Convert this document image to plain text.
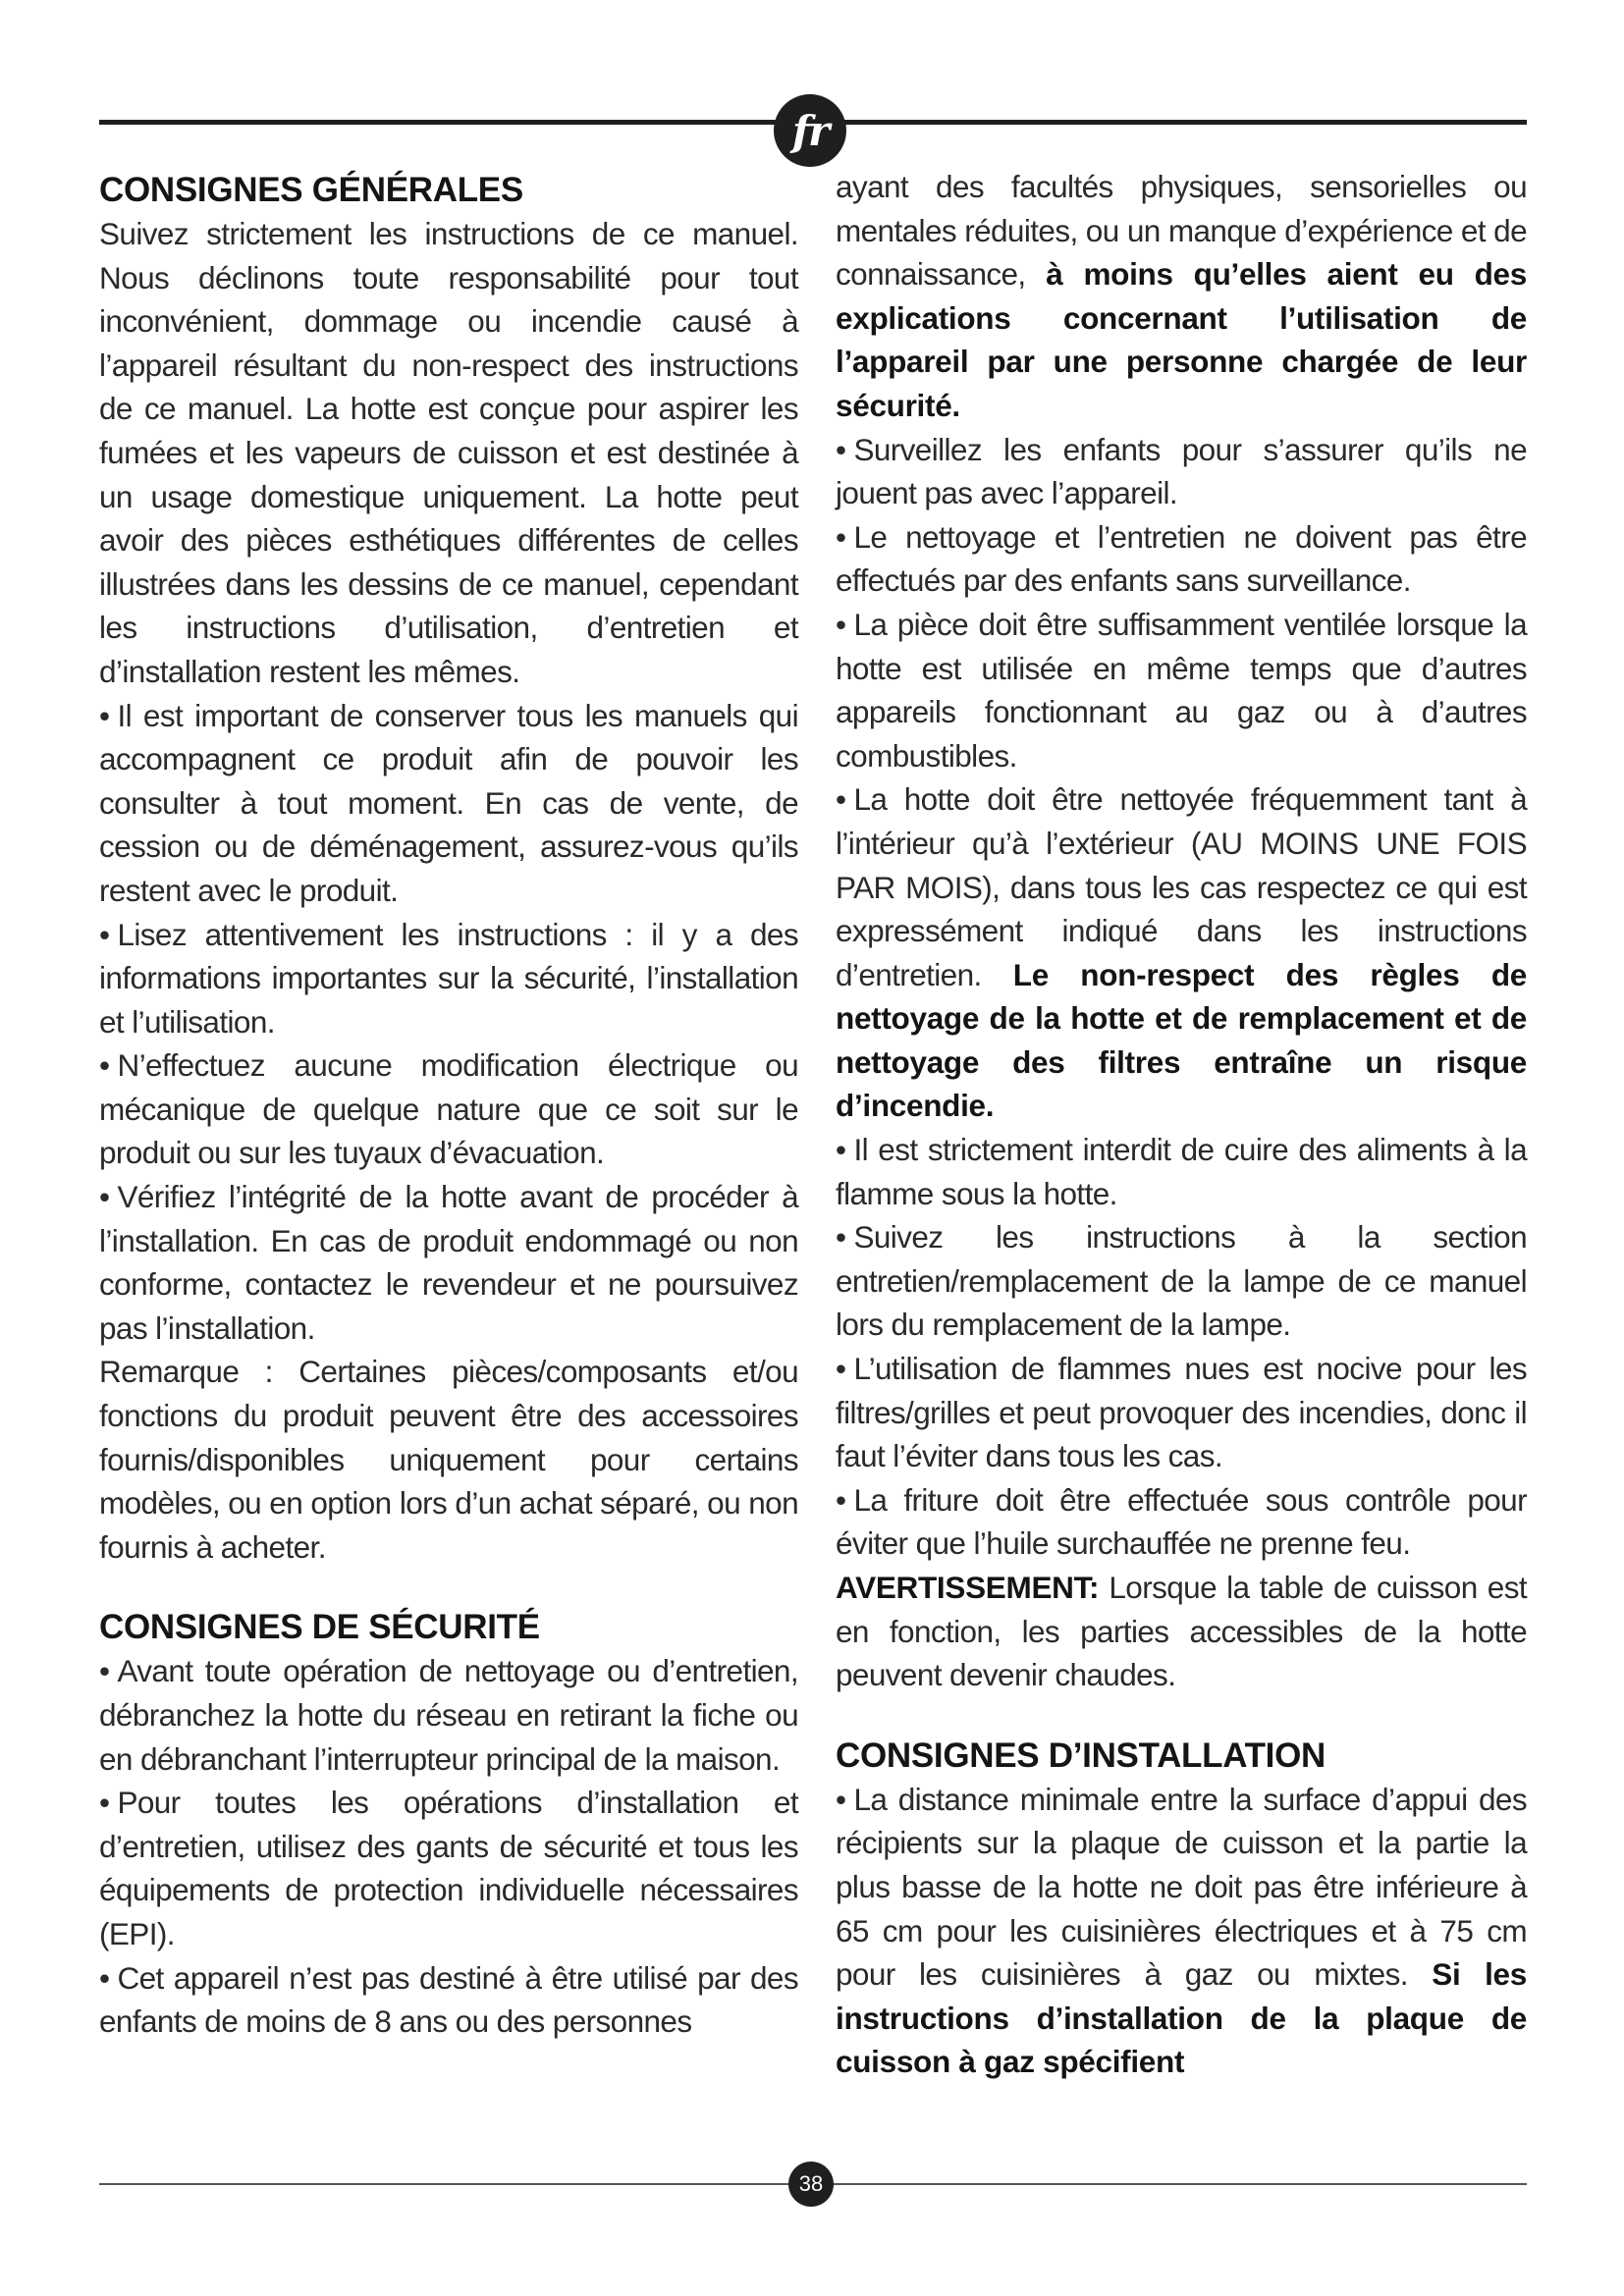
fr
CONSIGNES GÉNÉRALES

Suivez strictement les instructions de ce manuel. Nous déclinons toute responsabilité pour tout inconvénient, dommage ou incendie causé à l’appareil résultant du non-respect des instructions de ce manuel. La hotte est conçue pour aspirer les fumées et les vapeurs de cuisson et est destinée à un usage domestique uniquement. La hotte peut avoir des pièces esthétiques différentes de celles illustrées dans les dessins de ce manuel, cependant les instructions d’utilisation, d’entretien et d’installation restent les mêmes.

• Il est important de conserver tous les manuels qui accompagnent ce produit afin de pouvoir les consulter à tout moment. En cas de vente, de cession ou de déménagement, assurez-vous qu’ils restent avec le produit.

• Lisez attentivement les instructions : il y a des informations importantes sur la sécurité, l’installation et l’utilisation.

• N’effectuez aucune modification électrique ou mécanique de quelque nature que ce soit sur le produit ou sur les tuyaux d’évacuation.

• Vérifiez l’intégrité de la hotte avant de procéder à l’installation. En cas de produit endommagé ou non conforme, contactez le revendeur et ne poursuivez pas l’installation.

Remarque : Certaines pièces/composants et/ou fonctions du produit peuvent être des accessoires fournis/disponibles uniquement pour certains modèles, ou en option lors d’un achat séparé, ou non fournis à acheter.

CONSIGNES DE SÉCURITÉ

• Avant toute opération de nettoyage ou d’entretien, débranchez la hotte du réseau en retirant la fiche ou en débranchant l’interrupteur principal de la maison.

• Pour toutes les opérations d’installation et d’entretien, utilisez des gants de sécurité et tous les équipements de protection individuelle nécessaires (EPI).

• Cet appareil n’est pas destiné à être utilisé par des enfants de moins de 8 ans ou des personnes

ayant des facultés physiques, sensorielles ou mentales réduites, ou un manque d’expérience et de connaissance, à moins qu’elles aient eu des explications concernant l’utilisation de l’appareil par une personne chargée de leur sécurité.

• Surveillez les enfants pour s’assurer qu’ils ne jouent pas avec l’appareil.

• Le nettoyage et l’entretien ne doivent pas être effectués par des enfants sans surveillance.

• La pièce doit être suffisamment ventilée lorsque la hotte est utilisée en même temps que d’autres appareils fonctionnant au gaz ou à d’autres combustibles.

• La hotte doit être nettoyée fréquemment tant à l’intérieur qu’à l’extérieur (AU MOINS UNE FOIS PAR MOIS), dans tous les cas respectez ce qui est expressément indiqué dans les instructions d’entretien. Le non-respect des règles de nettoyage de la hotte et de remplacement et de nettoyage des filtres entraîne un risque d’incendie.

• Il est strictement interdit de cuire des aliments à la flamme sous la hotte.

• Suivez les instructions à la section entretien/remplacement de la lampe de ce manuel lors du remplacement de la lampe.

• L’utilisation de flammes nues est nocive pour les filtres/grilles et peut provoquer des incendies, donc il faut l’éviter dans tous les cas.

• La friture doit être effectuée sous contrôle pour éviter que l’huile surchauffée ne prenne feu.

AVERTISSEMENT: Lorsque la table de cuisson est en fonction, les parties accessibles de la hotte peuvent devenir chaudes.

CONSIGNES D’INSTALLATION

• La distance minimale entre la surface d’appui des récipients sur la plaque de cuisson et la partie la plus basse de la hotte ne doit pas être inférieure à 65 cm pour les cuisinières électriques et à 75 cm pour les cuisinières à gaz ou mixtes. Si les instructions d’installation de la plaque de cuisson à gaz spécifient

38
